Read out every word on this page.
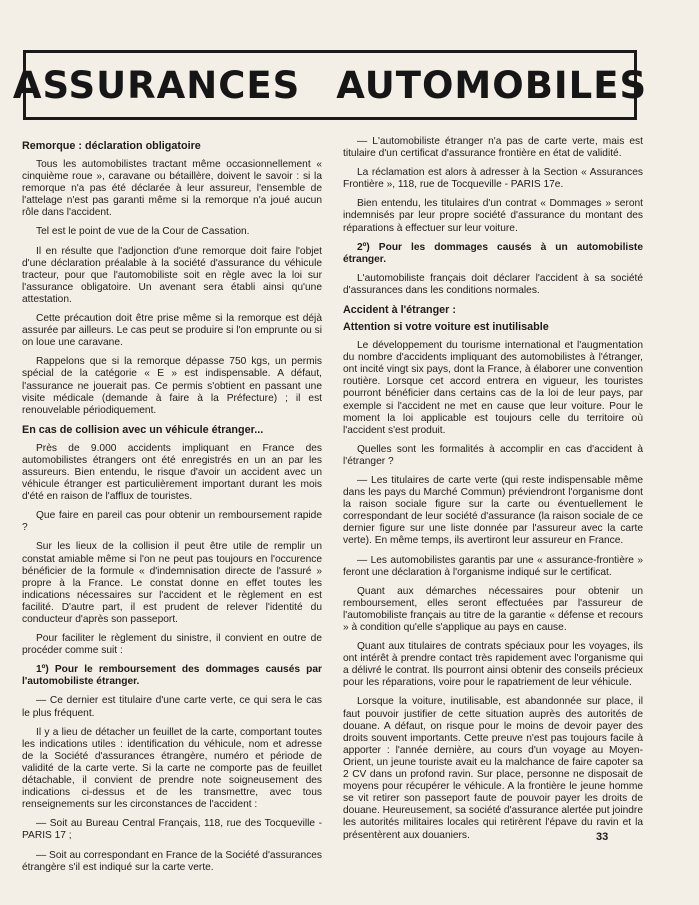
ASSURANCES AUTOMOBILES
Remorque : déclaration obligatoire

Tous les automobilistes tractant même occasionnellement « cinquième roue », caravane ou bétaillère, doivent le savoir : si la remorque n'a pas été déclarée à leur assureur, l'ensemble de l'attelage n'est pas garanti même si la remorque n'a joué aucun rôle dans l'accident.

Tel est le point de vue de la Cour de Cassation.

Il en résulte que l'adjonction d'une remorque doit faire l'objet d'une déclaration préalable à la société d'assurance du véhicule tracteur, pour que l'automobiliste soit en règle avec la loi sur l'assurance obligatoire. Un avenant sera établi ainsi qu'une attestation.

Cette précaution doit être prise même si la remorque est déjà assurée par ailleurs. Le cas peut se produire si l'on emprunte ou si on loue une caravane.

Rappelons que si la remorque dépasse 750 kgs, un permis spécial de la catégorie « E » est indispensable. A défaut, l'assurance ne jouerait pas. Ce permis s'obtient en passant une visite médicale (demande à faire à la Préfecture) ; il est renouvelable périodiquement.

En cas de collision avec un véhicule étranger...

Près de 9.000 accidents impliquant en France des automobilistes étrangers ont été enregistrés en un an par les assureurs. Bien entendu, le risque d'avoir un accident avec un véhicule étranger est particulièrement important durant les mois d'été en raison de l'afflux de touristes.

Que faire en pareil cas pour obtenir un remboursement rapide ?

Sur les lieux de la collision il peut être utile de remplir un constat amiable même si l'on ne peut pas toujours en l'occurence bénéficier de la formule « d'indemnisation directe de l'assuré » propre à la France. Le constat donne en effet toutes les indications nécessaires sur l'accident et le règlement en est facilité. D'autre part, il est prudent de relever l'identité du conducteur d'après son passeport.

Pour faciliter le règlement du sinistre, il convient en outre de procéder comme suit :

1º) Pour le remboursement des dommages causés par l'automobiliste étranger.

— Ce dernier est titulaire d'une carte verte, ce qui sera le cas le plus fréquent.

Il y a lieu de détacher un feuillet de la carte, comportant toutes les indications utiles : identification du véhicule, nom et adresse de la Société d'assurances étrangère, numéro et période de validité de la carte verte. Si la carte ne comporte pas de feuillet détachable, il convient de prendre note soigneusement des indications ci-dessus et de les transmettre, avec tous renseignements sur les circonstances de l'accident :

— Soit au Bureau Central Français, 118, rue des Tocqueville - PARIS 17 ;

— Soit au correspondant en France de la Société d'assurances étrangère s'il est indiqué sur la carte verte.

— L'automobiliste étranger n'a pas de carte verte, mais est titulaire d'un certificat d'assurance frontière en état de validité.

La réclamation est alors à adresser à la Section « Assurances Frontière », 118, rue de Tocqueville - PARIS 17e.

Bien entendu, les titulaires d'un contrat « Dommages » seront indemnisés par leur propre société d'assurance du montant des réparations à effectuer sur leur voiture.

2º) Pour les dommages causés à un automobiliste étranger.

L'automobiliste français doit déclarer l'accident à sa société d'assurances dans les conditions normales.

Accident à l'étranger :
Attention si votre voiture est inutilisable

Le développement du tourisme international et l'augmentation du nombre d'accidents impliquant des automobilistes à l'étranger, ont incité vingt six pays, dont la France, à élaborer une convention routière. Lorsque cet accord entrera en vigueur, les touristes pourront bénéficier dans certains cas de la loi de leur pays, par exemple si l'accident ne met en cause que leur voiture. Pour le moment la loi applicable est toujours celle du territoire où l'accident s'est produit.

Quelles sont les formalités à accomplir en cas d'accident à l'étranger ?

— Les titulaires de carte verte (qui reste indispensable même dans les pays du Marché Commun) préviendront l'organisme dont la raison sociale figure sur la carte ou éventuellement le correspondant de leur société d'assurance (la raison sociale de ce dernier figure sur une liste donnée par l'assureur avec la carte verte). En même temps, ils avertiront leur assureur en France.

— Les automobilistes garantis par une « assurance-frontière » feront une déclaration à l'organisme indiqué sur le certificat.

Quant aux démarches nécessaires pour obtenir un remboursement, elles seront effectuées par l'assureur de l'automobiliste français au titre de la garantie « défense et recours » à condition qu'elle s'applique au pays en cause.

Quant aux titulaires de contrats spéciaux pour les voyages, ils ont intérêt à prendre contact très rapidement avec l'organisme qui a délivré le contrat. Ils pourront ainsi obtenir des conseils précieux pour les réparations, voire pour le rapatriement de leur véhicule.

Lorsque la voiture, inutilisable, est abandonnée sur place, il faut pouvoir justifier de cette situation auprès des autorités de douane. A défaut, on risque pour le moins de devoir payer des droits souvent importants. Cette preuve n'est pas toujours facile à apporter : l'année dernière, au cours d'un voyage au Moyen-Orient, un jeune touriste avait eu la malchance de faire capoter sa 2 CV dans un profond ravin. Sur place, personne ne disposait de moyens pour récupérer le véhicule. A la frontière le jeune homme se vit retirer son passeport faute de pouvoir payer les droits de douane. Heureusement, sa société d'assurance alertée put joindre les autorités militaires locales qui retirèrent l'épave du ravin et la présentèrent aux douaniers.	33
